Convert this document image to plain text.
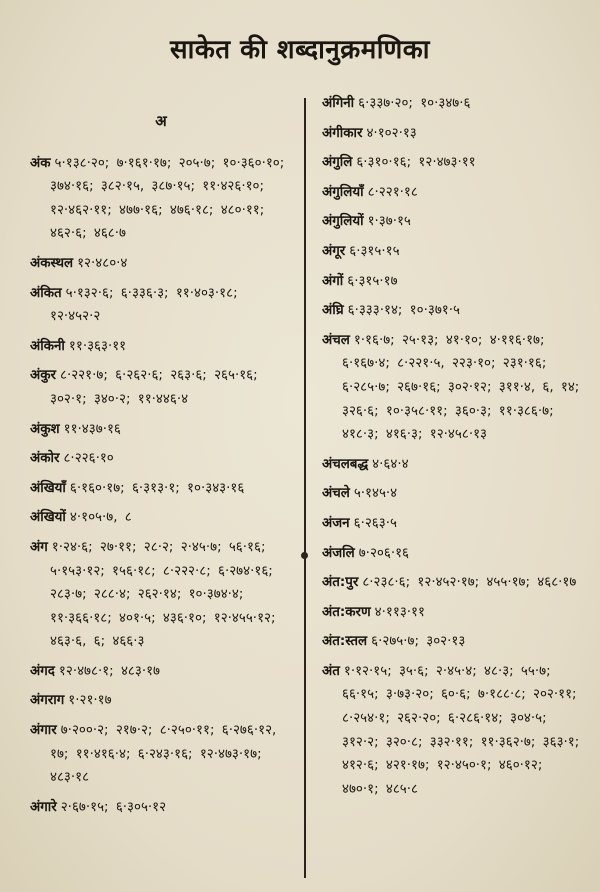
साकेत की शब्दानुक्रमणिका
अ
अंक ५·१३८·२०; ७·१६१·१७; २०५·७; १०·३६०·१०; ३७४·१६; ३८२·१५, ३८७·१५; ११·४२६·१०; १२·४६२·११; ४७७·१६; ४७६·१८; ४८०·११; ४६२·६; ४६८·७
अंकस्थल १२·४८०·४
अंकित ५·१३२·६; ६·३३६·३; ११·४०३·१८; १२·४५२·२
अंकिनी ११·३६३·११
अंकुर ८·२२१·७; ६·२६२·६; २६३·६; २६५·१६; ३०२·१; ३४०·२; ११·४४६·४
अंकुश ११·४३७·१६
अंकोर ८·२२६·१०
अंखियाँ ६·१६०·१७; ६·३१३·१; १०·३४३·१६
अंखियों ४·१०५·७, ८
अंग १·२४·६; २७·११; २८·२; २·४५·७; ५६·१६; ५·१५३·१२; १५६·१८; ८·२२२·८; ६·२७४·१६; २८३·७; २८८·४; २६२·१४; १०·३७४·४; ११·३६६·१८; ४०१·५; ४३६·१०; १२·४५५·१२; ४६३·६, ६; ४६६·३
अंगद १२·४७८·१; ४८३·१७
अंगराग १·२१·१७
अंगार ७·२००·२; २१७·२; ८·२५०·११; ६·२७६·१२, १७; ११·४१६·४; ६·२४३·१६; १२·४७३·१७; ४८३·१८
अंगारे २·६७·१५; ६·३०५·१२
अंगिनी ६·३३७·२०; १०·३४७·६
अंगीकार ४·१०२·१३
अंगुलि ६·३१०·१६; १२·४७३·११
अंगुलियाँ ८·२२१·१८
अंगुलियों १·३७·१५
अंगूर ६·३१५·१५
अंगों ६·३१५·१७
अंघ्रि ६·३३३·१४; १०·३७१·५
अंचल १·१६·७; २५·१३; ४१·१०; ४·११६·१७; ६·१६७·४; ८·२२१·५, २२३·१०; २३१·१६; ६·२८५·७; २६७·१६; ३०२·१२; ३११·४, ६, १४; ३२६·६; १०·३५८·११; ३६०·३; ११·३८६·७; ४१८·३; ४१६·३; १२·४५८·१३
अंचलबद्ध ४·६४·४
अंचले ५·१४५·४
अंजन ६·२६३·५
अंजलि ७·२०६·१६
अंत:पुर ८·२३८·६; १२·४५२·१७; ४५५·१७; ४६८·१७
अंत:करण ४·११३·११
अंत:स्तल ६·२७५·७; ३०२·१३
अंत १·१२·१५; ३५·६; २·४५·४; ४८·३; ५५·७; ६६·१५; ३·७३·२०; ६०·६; ७·१८८·८; २०२·११; ८·२५४·१; २६२·२०; ६·२८६·१४; ३०४·५; ३१२·२; ३२०·८; ३३२·११; ११·३६२·७; ३६३·१; ४१२·६; ४२१·१७; १२·४५०·१; ४६०·१२; ४७०·१; ४८५·८
